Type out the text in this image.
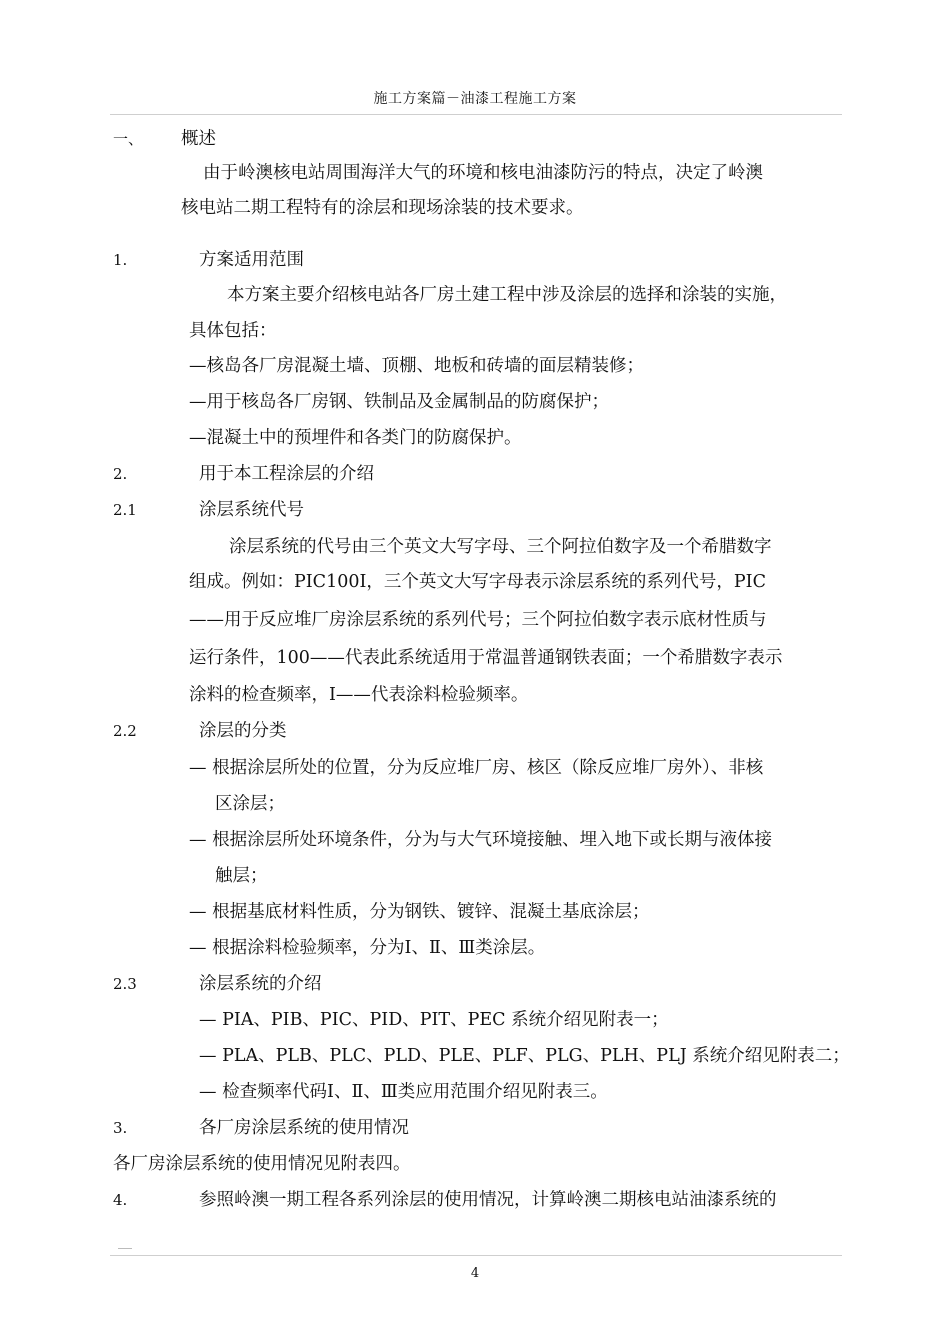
施工方案篇－油漆工程施工方案
一、 概述
由于岭澳核电站周围海洋大气的环境和核电油漆防污的特点，决定了岭澳
核电站二期工程特有的涂层和现场涂装的技术要求。
1.	方案适用范围
本方案主要介绍核电站各厂房土建工程中涉及涂层的选择和涂装的实施，
具体包括：
—核岛各厂房混凝土墙、顶棚、地板和砖墙的面层精装修；
—用于核岛各厂房钢、铁制品及金属制品的防腐保护；
—混凝土中的预埋件和各类门的防腐保护。
2.	用于本工程涂层的介绍
2.1	涂层系统代号
涂层系统的代号由三个英文大写字母、三个阿拉伯数字及一个希腊数字
组成。例如：PIC100I，三个英文大写字母表示涂层系统的系列代号，PIC
——用于反应堆厂房涂层系统的系列代号；三个阿拉伯数字表示底材性质与
运行条件，100——代表此系统适用于常温普通钢铁表面；一个希腊数字表示
涂料的检查频率，I——代表涂料检验频率。
2.2	涂层的分类
— 根据涂层所处的位置，分为反应堆厂房、核区（除反应堆厂房外）、非核
区涂层；
— 根据涂层所处环境条件，分为与大气环境接触、埋入地下或长期与液体接
触层；
— 根据基底材料性质，分为钢铁、镀锌、混凝土基底涂层；
— 根据涂料检验频率，分为Ⅰ、Ⅱ、Ⅲ类涂层。
2.3	涂层系统的介绍
— PIA、PIB、PIC、PID、PIT、PEC 系统介绍见附表一；
— PLA、PLB、PLC、PLD、PLE、PLF、PLG、PLH、PLJ 系统介绍见附表二；
— 检查频率代码Ⅰ、Ⅱ、Ⅲ类应用范围介绍见附表三。
3.	各厂房涂层系统的使用情况
各厂房涂层系统的使用情况见附表四。
4.	参照岭澳一期工程各系列涂层的使用情况，计算岭澳二期核电站油漆系统的
4
